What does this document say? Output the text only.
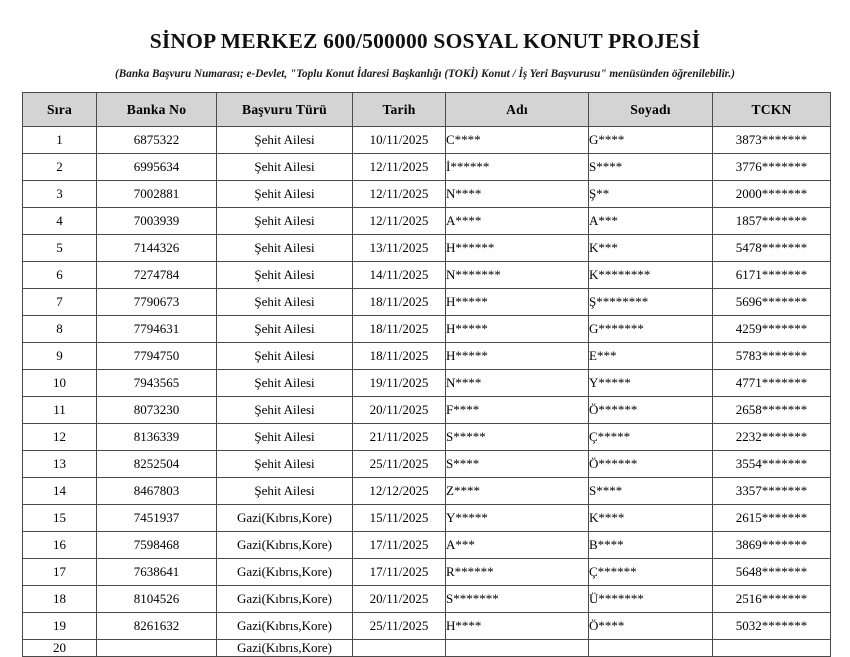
SİNOP MERKEZ 600/500000 SOSYAL KONUT PROJESİ

(Banka Başvuru Numarası; e-Devlet, "Toplu Konut İdaresi Başkanlığı (TOKİ) Konut / İş Yeri Başvurusu" menüsünden öğrenilebilir.)

Sıra	Banka No	Başvuru Türü	Tarih	Adı	Soyadı	TCKN
1	6875322	Şehit Ailesi	10/11/2025	C****	G****	3873*******
2	6995634	Şehit Ailesi	12/11/2025	İ******	S****	3776*******
3	7002881	Şehit Ailesi	12/11/2025	N****	Ş**	2000*******
4	7003939	Şehit Ailesi	12/11/2025	A****	A***	1857*******
5	7144326	Şehit Ailesi	13/11/2025	H******	K***	5478*******
6	7274784	Şehit Ailesi	14/11/2025	N*******	K********	6171*******
7	7790673	Şehit Ailesi	18/11/2025	H*****	Ş********	5696*******
8	7794631	Şehit Ailesi	18/11/2025	H*****	G*******	4259*******
9	7794750	Şehit Ailesi	18/11/2025	H*****	E***	5783*******
10	7943565	Şehit Ailesi	19/11/2025	N****	Y*****	4771*******
11	8073230	Şehit Ailesi	20/11/2025	F****	Ö******	2658*******
12	8136339	Şehit Ailesi	21/11/2025	S*****	Ç*****	2232*******
13	8252504	Şehit Ailesi	25/11/2025	S****	Ö******	3554*******
14	8467803	Şehit Ailesi	12/12/2025	Z****	S****	3357*******
15	7451937	Gazi(Kıbrıs,Kore)	15/11/2025	Y*****	K****	2615*******
16	7598468	Gazi(Kıbrıs,Kore)	17/11/2025	A***	B****	3869*******
17	7638641	Gazi(Kıbrıs,Kore)	17/11/2025	R******	Ç******	5648*******
18	8104526	Gazi(Kıbrıs,Kore)	20/11/2025	S*******	Ü*******	2516*******
19	8261632	Gazi(Kıbrıs,Kore)	25/11/2025	H****	Ö****	5032*******
20		Gazi(Kıbrıs,Kore)				
